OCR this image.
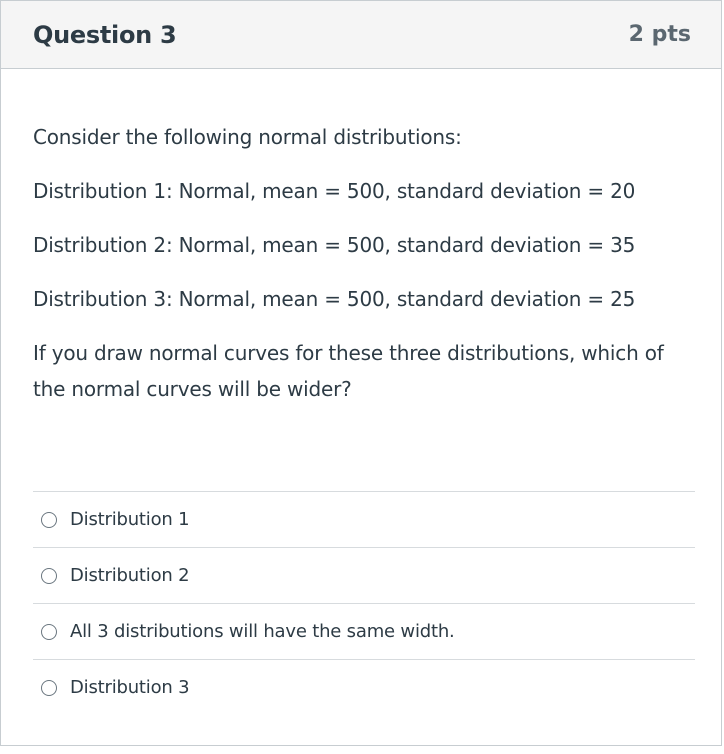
Question 3	2 pts

Consider the following normal distributions:

Distribution 1: Normal, mean = 500, standard deviation = 20

Distribution 2: Normal, mean = 500, standard deviation = 35

Distribution 3: Normal, mean = 500, standard deviation = 25

If you draw normal curves for these three distributions, which of the normal curves will be wider?

Distribution 1
Distribution 2
All 3 distributions will have the same width.
Distribution 3
